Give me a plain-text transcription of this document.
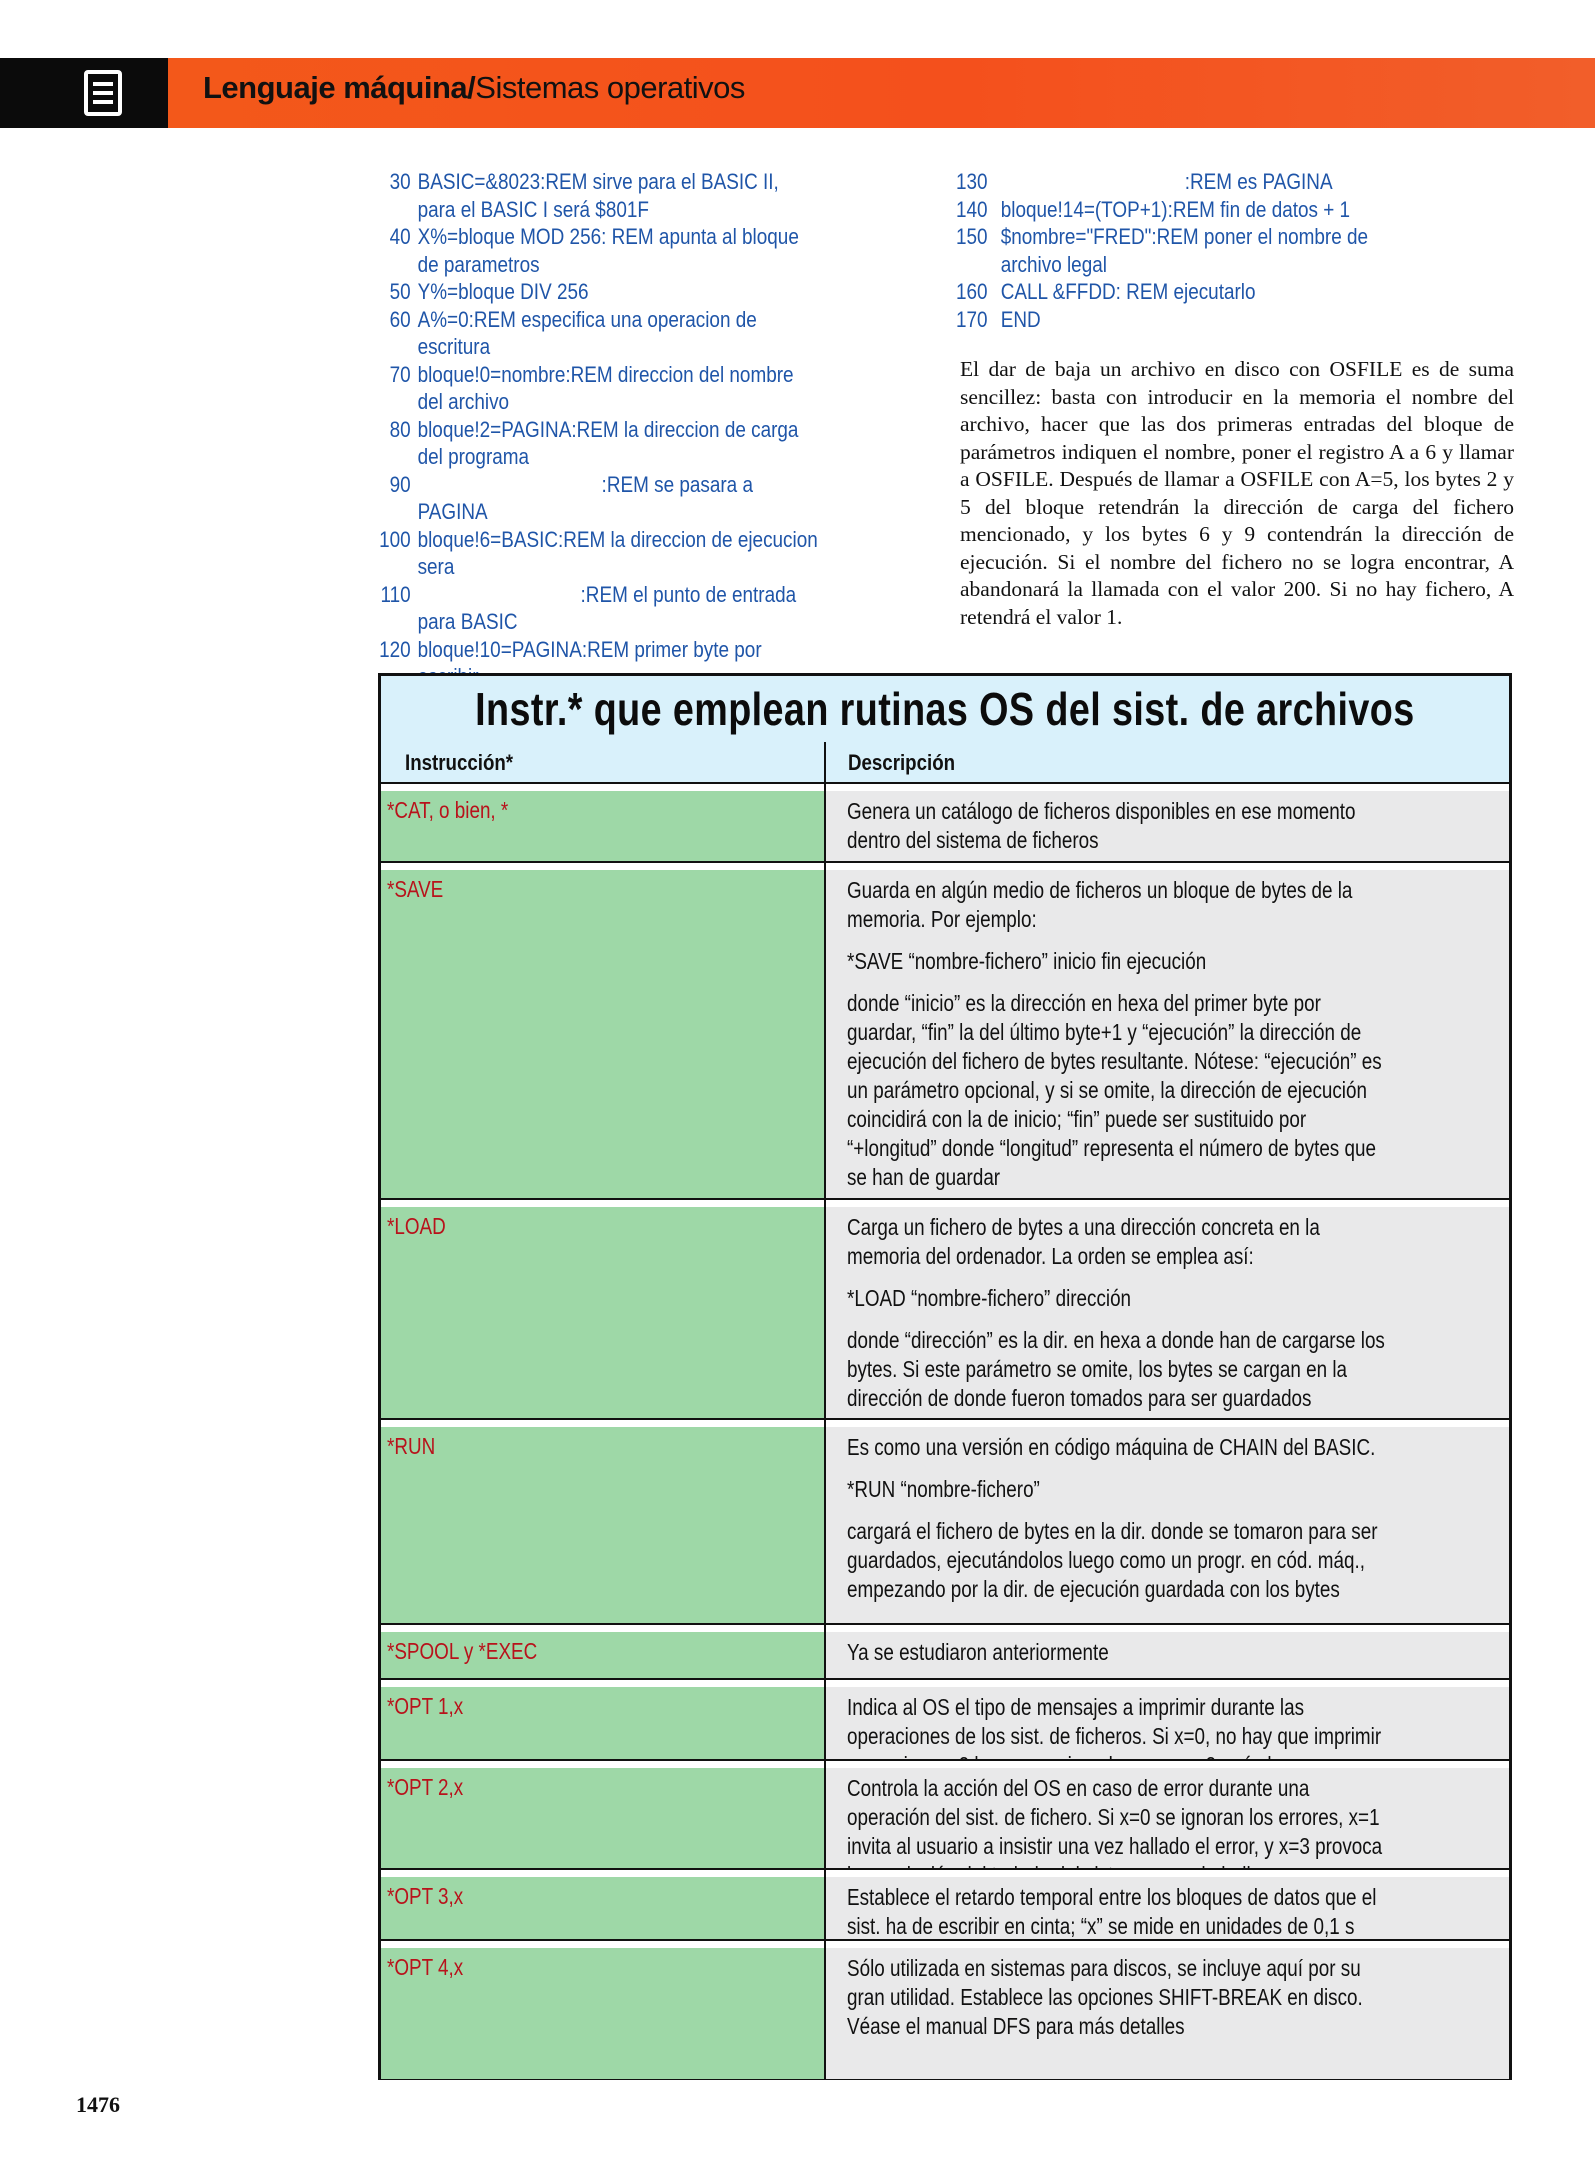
Lenguaje máquina/Sistemas operativos
30 BASIC=&8023:REM sirve para el BASIC II, para el BASIC I será $801F
40 X%=bloque MOD 256: REM apunta al bloque de parametros
50 Y%=bloque DIV 256
60 A%=0:REM especifica una operacion de escritura
70 bloque!0=nombre:REM direccion del nombre del archivo
80 bloque!2=PAGINA:REM la direccion de carga del programa
90 :REM se pasara a PAGINA
100 bloque!6=BASIC:REM la direccion de ejecucion sera
110 :REM el punto de entrada para BASIC
120 bloque!10=PAGINA:REM primer byte por
130 :REM es PAGINA
140 bloque!14=(TOP+1):REM fin de datos + 1
150 $nombre="FRED":REM poner el nombre de archivo legal
160 CALL &FFDD: REM ejecutarlo
170 END
El dar de baja un archivo en disco con OSFILE es de suma sencillez: basta con introducir en la memoria el nombre del archivo, hacer que las dos primeras entradas del bloque de parámetros indiquen el nombre, poner el registro A a 6 y llamar a OSFILE. Después de llamar a OSFILE con A=5, los bytes 2 y 5 del bloque retendrán la dirección de carga del fichero mencionado, y los bytes 6 y 9 contendrán la dirección de ejecución. Si el nombre del fichero no se logra encontrar, A abandonará la llamada con el valor 200. Si no hay fichero, A retendrá el valor 1.
Instr.* que emplean rutinas OS del sist. de archivos
Instrucción*	Descripción
*CAT, o bien, *	Genera un catálogo de ficheros disponibles en ese momento dentro del sistema de ficheros

*SAVE	Guarda en algún medio de ficheros un bloque de bytes de la memoria. Por ejemplo:

*SAVE “nombre-fichero” inicio fin ejecución

donde “inicio” es la dirección en hexa del primer byte por guardar, “fin” la del último byte+1 y “ejecución” la dirección de ejecución del fichero de bytes resultante. Nótese: “ejecución” es un parámetro opcional, y si se omite, la dirección de ejecución coincidirá con la de inicio; “fin” puede ser sustituido por “+longitud” donde “longitud” representa el número de bytes que se han de guardar

*LOAD	Carga un fichero de bytes a una dirección concreta en la memoria del ordenador. La orden se emplea así:

*LOAD “nombre-fichero” dirección

donde “dirección” es la dir. en hexa a donde han de cargarse los bytes. Si este parámetro se omite, los bytes se cargan en la dirección de donde fueron tomados para ser guardados

*RUN	Es como una versión en código máquina de CHAIN del BASIC.

*RUN “nombre-fichero”

cargará el fichero de bytes en la dir. donde se tomaron para ser guardados, ejecutándolos luego como un progr. en cód. máq., empezando por la dir. de ejecución guardada con los bytes

*SPOOL y *EXEC	Ya se estudiaron anteriormente

*OPT 1,x	Indica al OS el tipo de mensajes a imprimir durante las operaciones de los sist. de ficheros. Si x=0, no hay que imprimir

*OPT 2,x	Controla la acción del OS en caso de error durante una operación del sist. de fichero. Si x=0 se ignoran los errores, x=1 invita al usuario a insistir una vez hallado el error, y x=3 provoca

*OPT 3,x	Establece el retardo temporal entre los bloques de datos que el sist. ha de escribir en cinta; “x” se mide en unidades de 0,1 s

*OPT 4,x	Sólo utilizada en sistemas para discos, se incluye aquí por su gran utilidad. Establece las opciones SHIFT-BREAK en disco. Véase el manual DFS para más detalles

1476
